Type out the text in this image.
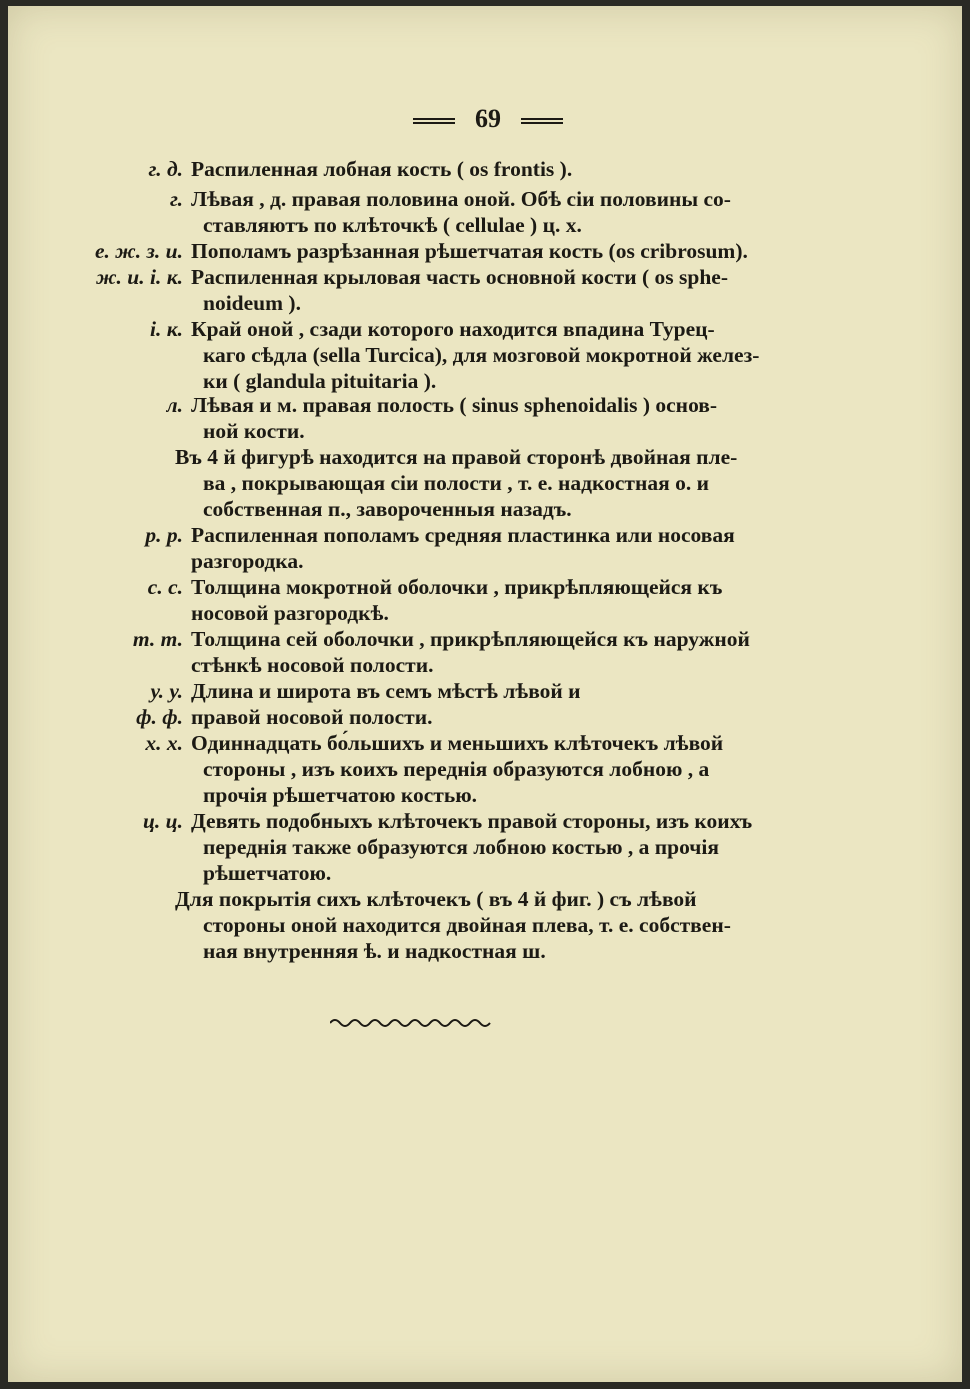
69
г. д. Распиленная лобная кость ( os frontis ).
г. Лѣвая , д. правая половина оной. Обѣ сіи половины со-
ставляютъ по клѣточкѣ ( cellulae ) ц. х.
е. ж. з. и. Пополамъ разрѣзанная рѣшетчатая кость (os cribrosum).
ж. и. і. к. Распиленная крыловая часть основной кости ( os sphe-
noideum ).
і. к. Край оной , сзади которого находится впадина Турец-
каго сѣдла (sella Turcica), для мозговой мокротной желез-
ки ( glandula pituitaria ).
л. Лѣвая и м. правая полость ( sinus sphenoidalis ) основ-
ной кости.
Въ 4 й фигурѣ находится на правой сторонѣ двойная пле-
ва , покрывающая сіи полости , т. е. надкостная о. и
собственная п., завороченныя назадъ.
р. р. Распиленная пополамъ средняя пластинка или носовая
разгородка.
с. с. Толщина мокротной оболочки , прикрѣпляющейся къ
носовой разгородкѣ.
т. т. Толщина сей оболочки , прикрѣпляющейся къ наружной
стѣнкѣ носовой полости.
у. у. Длина и широта въ семъ мѣстѣ лѣвой и
ф. ф. правой носовой полости.
х. х. Одиннадцать бо́льшихъ и меньшихъ клѣточекъ лѣвой
стороны , изъ коихъ переднія образуются лобною , а
прочія рѣшетчатою костью.
ц. ц. Девять подобныхъ клѣточекъ правой стороны, изъ коихъ
переднія также образуются лобною костью , а прочія
рѣшетчатою.
Для покрытія сихъ клѣточекъ ( въ 4 й фиг. ) съ лѣвой
стороны оной находится двойная плева, т. е. собствен-
ная внутренняя ѣ. и надкостная ш.
